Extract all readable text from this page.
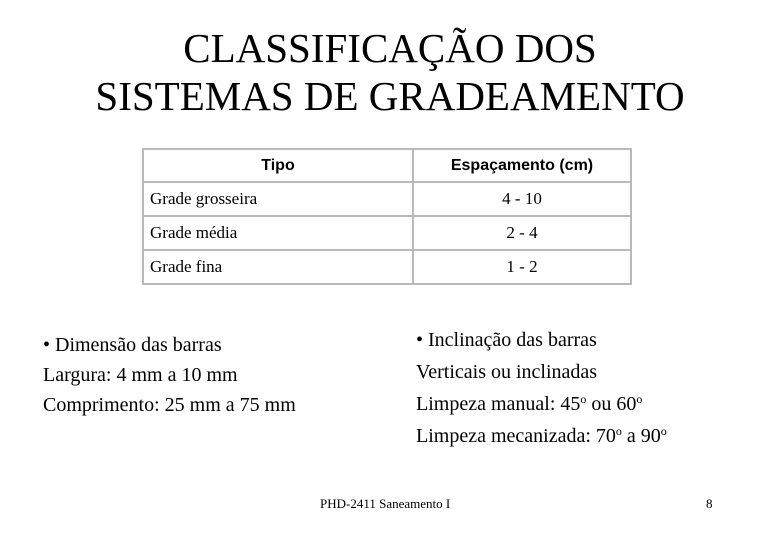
CLASSIFICAÇÃO DOS
SISTEMAS DE GRADEAMENTO
Tipo	Espaçamento (cm)
Grade grosseira	4 - 10
Grade média	2 - 4
Grade fina	1 - 2
• Dimensão das barras
Largura: 4 mm a 10 mm
Comprimento: 25 mm a 75 mm
• Inclinação das barras
Verticais ou inclinadas
Limpeza manual: 45$^o$ ou 60$^o$
Limpeza mecanizada: 70$^o$ a 90$^o$
PHD-2411 Saneamento I	8
